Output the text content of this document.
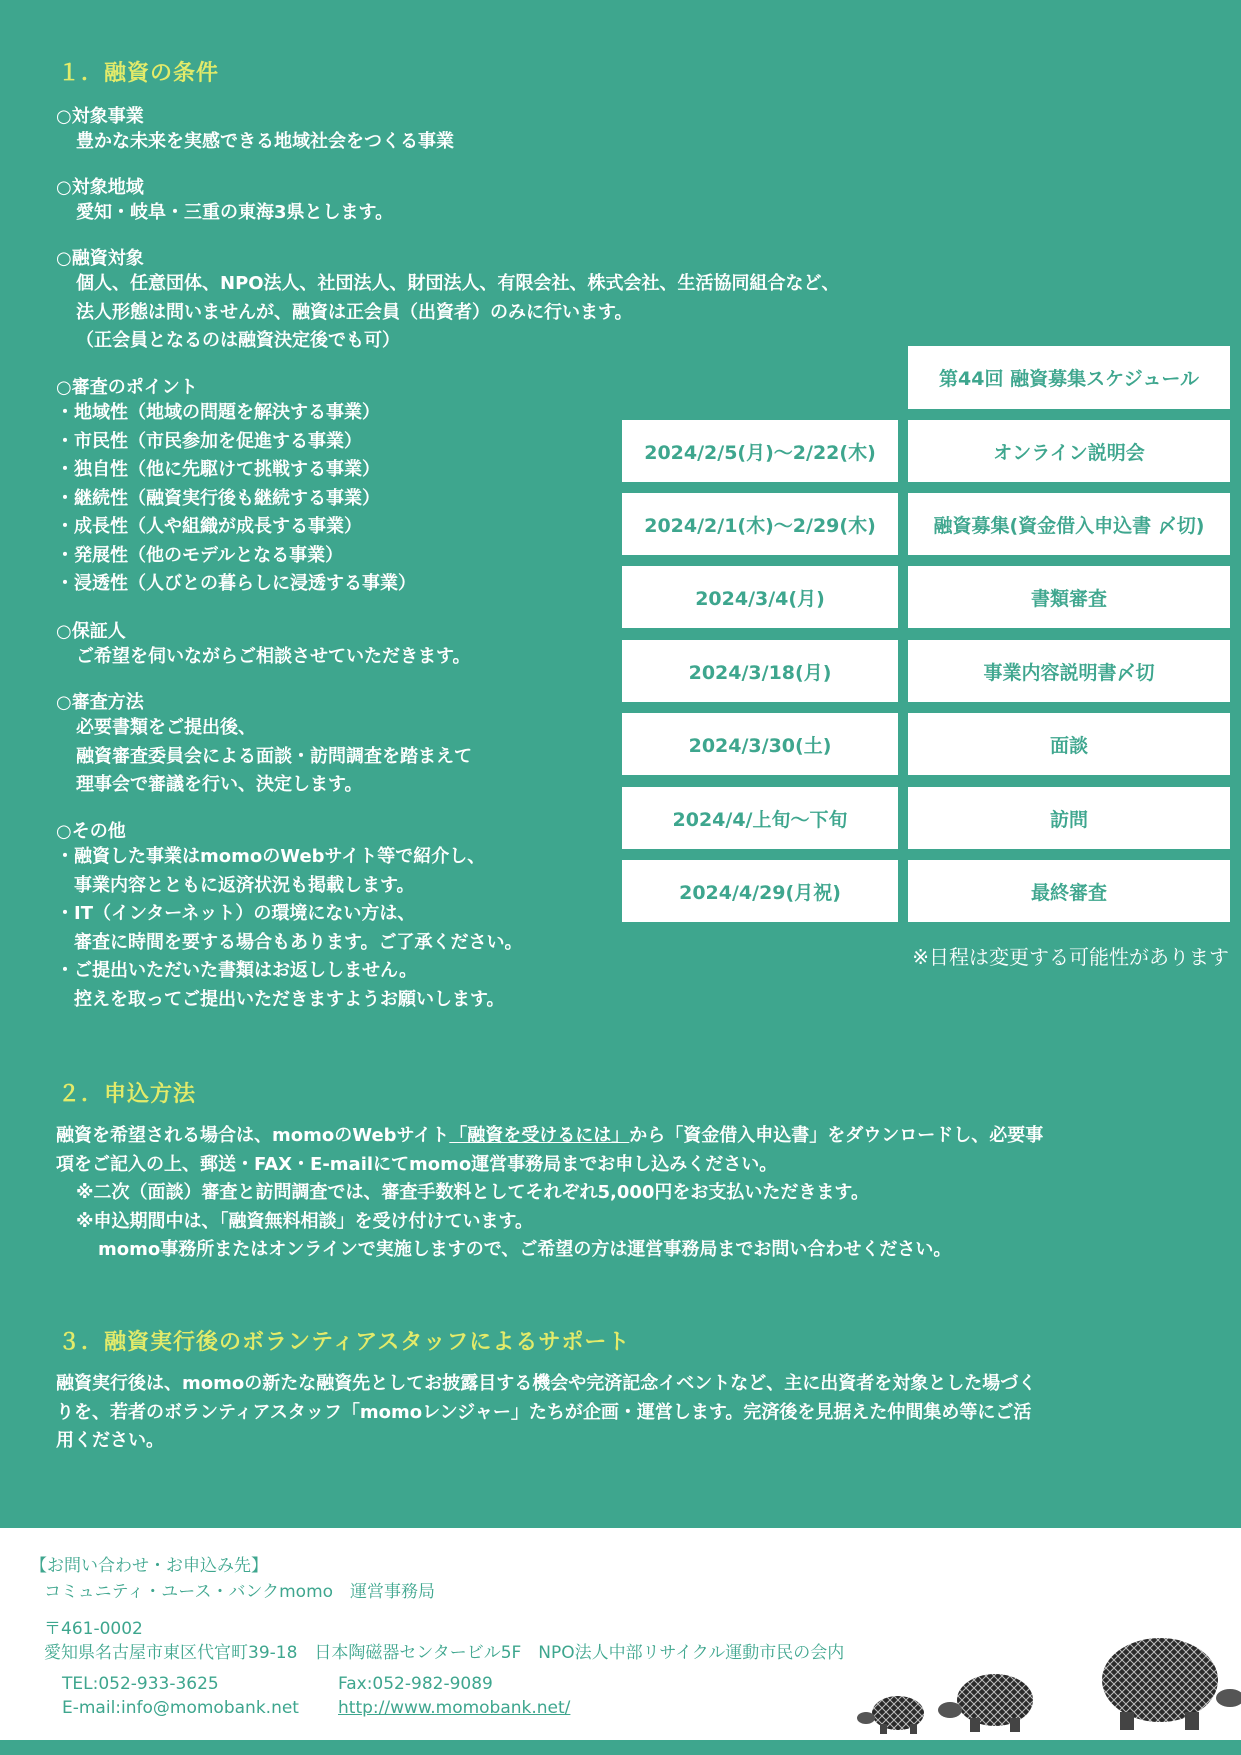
１．融資の条件
○対象事業
豊かな未来を実感できる地域社会をつくる事業
○対象地域
愛知・岐阜・三重の東海3県とします。
○融資対象
個人、任意団体、NPO法人、社団法人、財団法人、有限会社、株式会社、生活協同組合など、
法人形態は問いませんが、融資は正会員（出資者）のみに行います。
（正会員となるのは融資決定後でも可）
○審査のポイント
・地域性（地域の問題を解決する事業）
・市民性（市民参加を促進する事業）
・独自性（他に先駆けて挑戦する事業）
・継続性（融資実行後も継続する事業）
・成長性（人や組織が成長する事業）
・発展性（他のモデルとなる事業）
・浸透性（人びとの暮らしに浸透する事業）
○保証人
ご希望を伺いながらご相談させていただきます。
○審査方法
必要書類をご提出後、
融資審査委員会による面談・訪問調査を踏まえて
理事会で審議を行い、決定します。
○その他
・融資した事業はmomoのWebサイト等で紹介し、
　事業内容とともに返済状況も掲載します。
・IT（インターネット）の環境にない方は、
　審査に時間を要する場合もあります。ご了承ください。
・ご提出いただいた書類はお返ししません。
　控えを取ってご提出いただきますようお願いします。
第44回 融資募集スケジュール
2024/2/5(月)〜2/22(木)	オンライン説明会
2024/2/1(木)〜2/29(木)	融資募集(資金借入申込書 〆切)
2024/3/4(月)	書類審査
2024/3/18(月)	事業内容説明書〆切
2024/3/30(土)	面談
2024/4/上旬〜下旬	訪問
2024/4/29(月祝)	最終審査
※日程は変更する可能性があります
２．申込方法
融資を希望される場合は、momoのWebサイト「融資を受けるには」から「資金借入申込書」をダウンロードし、必要事
項をご記入の上、郵送・FAX・E-mailにてmomo運営事務局までお申し込みください。
※二次（面談）審査と訪問調査では、審査手数料としてそれぞれ5,000円をお支払いただきます。
※申込期間中は、「融資無料相談」を受け付けています。
momo事務所またはオンラインで実施しますので、ご希望の方は運営事務局までお問い合わせください。
３．融資実行後のボランティアスタッフによるサポート
融資実行後は、momoの新たな融資先としてお披露目する機会や完済記念イベントなど、主に出資者を対象とした場づく
りを、若者のボランティアスタッフ「momoレンジャー」たちが企画・運営します。完済後を見据えた仲間集め等にご活
用ください。
【お問い合わせ・お申込み先】
コミュニティ・ユース・バンクmomo　運営事務局
〒461-0002
愛知県名古屋市東区代官町39-18　日本陶磁器センタービル5F　NPO法人中部リサイクル運動市民の会内
TEL:052-933-3625	Fax:052-982-9089
E-mail:info@momobank.net http://www.momobank.net/
